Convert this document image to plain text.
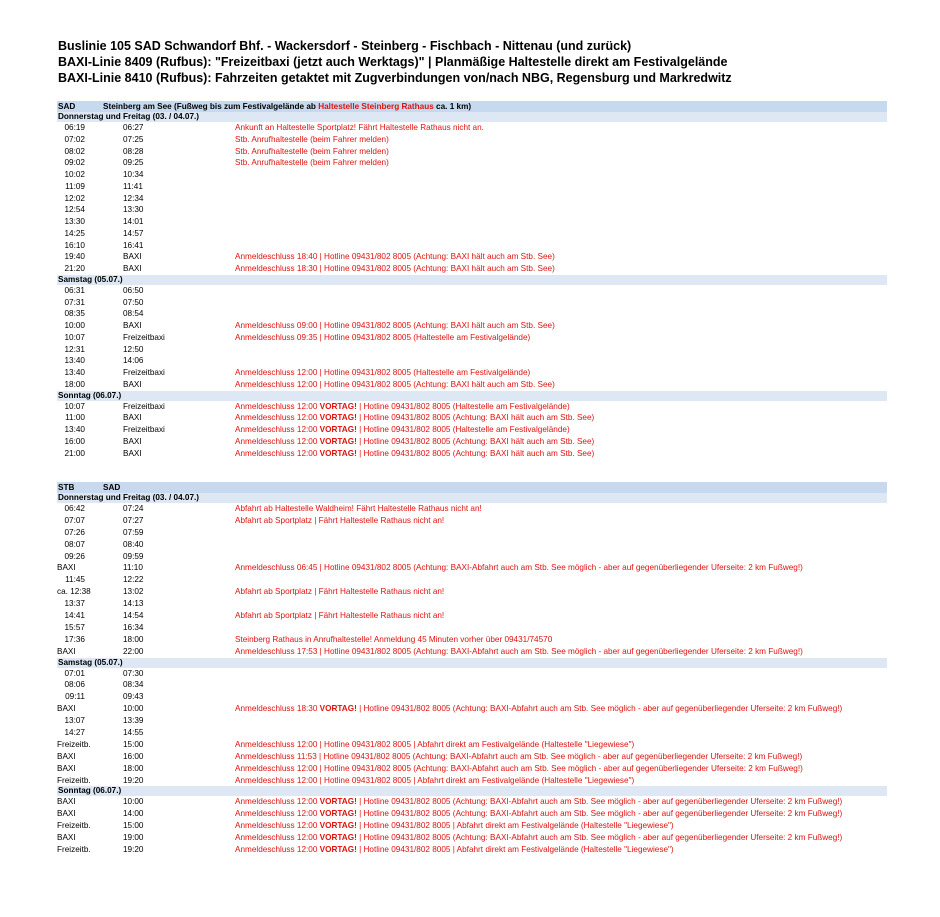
Buslinie 105 SAD Schwandorf Bhf. - Wackersdorf - Steinberg - Fischbach - Nittenau (und zurück)
BAXI-Linie 8409 (Rufbus): "Freizeitbaxi (jetzt auch Werktags)" | Planmäßige Haltestelle direkt am Festivalgelände
BAXI-Linie 8410 (Rufbus): Fahrzeiten getaktet mit Zugverbindungen von/nach NBG, Regensburg und Markredwitz
SAD	Steinberg am See (Fußweg bis zum Festivalgelände ab Haltestelle Steinberg Rathaus ca. 1 km)
Donnerstag und Freitag (03. / 04.07.)
06:19	06:27	Ankunft an Haltestelle Sportplatz! Fährt Haltestelle Rathaus nicht an.
07:02	07:25	Stb. Anrufhaltestelle (beim Fahrer melden)
08:02	08:28	Stb. Anrufhaltestelle (beim Fahrer melden)
09:02	09:25	Stb. Anrufhaltestelle (beim Fahrer melden)
10:02	10:34
11:09	11:41
12:02	12:34
12:54	13:30
13:30	14:01
14:25	14:57
16:10	16:41
19:40	BAXI	Anmeldeschluss 18:40 | Hotline 09431/802 8005 (Achtung: BAXI hält auch am Stb. See)
21:20	BAXI	Anmeldeschluss 18:30 | Hotline 09431/802 8005 (Achtung: BAXI hält auch am Stb. See)
Samstag (05.07.)
06:31	06:50
07:31	07:50
08:35	08:54
10:00	BAXI	Anmeldeschluss 09:00 | Hotline 09431/802 8005 (Achtung: BAXI hält auch am Stb. See)
10:07	Freizeitbaxi	Anmeldeschluss 09:35 | Hotline 09431/802 8005 (Haltestelle am Festivalgelände)
12:31	12:50
13:40	14:06
13:40	Freizeitbaxi	Anmeldeschluss 12:00 | Hotline 09431/802 8005 (Haltestelle am Festivalgelände)
18:00	BAXI	Anmeldeschluss 12:00 | Hotline 09431/802 8005 (Achtung: BAXI hält auch am Stb. See)
Sonntag (06.07.)
10:07	Freizeitbaxi	Anmeldeschluss 12:00 VORTAG! | Hotline 09431/802 8005 (Haltestelle am Festivalgelände)
11:00	BAXI	Anmeldeschluss 12:00 VORTAG! | Hotline 09431/802 8005 (Achtung: BAXI hält auch am Stb. See)
13:40	Freizeitbaxi	Anmeldeschluss 12:00 VORTAG! | Hotline 09431/802 8005 (Haltestelle am Festivalgelände)
16:00	BAXI	Anmeldeschluss 12:00 VORTAG! | Hotline 09431/802 8005 (Achtung: BAXI hält auch am Stb. See)
21:00	BAXI	Anmeldeschluss 12:00 VORTAG! | Hotline 09431/802 8005 (Achtung: BAXI hält auch am Stb. See)
STB	SAD
Donnerstag und Freitag (03. / 04.07.)
06:42	07:24	Abfahrt ab Haltestelle Waldheim! Fährt Haltestelle Rathaus nicht an!
07:07	07:27	Abfahrt ab Sportplatz | Fährt Haltestelle Rathaus nicht an!
07:26	07:59
08:07	08:40
09:26	09:59
BAXI	11:10	Anmeldeschluss 06:45 | Hotline 09431/802 8005 (Achtung: BAXI-Abfahrt auch am Stb. See möglich - aber auf gegenüberliegender Uferseite: 2 km Fußweg!)
11:45	12:22
ca. 12:38	13:02	Abfahrt ab Sportplatz | Fährt Haltestelle Rathaus nicht an!
13:37	14:13
14:41	14:54	Abfahrt ab Sportplatz | Fährt Haltestelle Rathaus nicht an!
15:57	16:34
17:36	18:00	Steinberg Rathaus in Anrufhaltestelle! Anmeldung 45 Minuten vorher über 09431/74570
BAXI	22:00	Anmeldeschluss 17:53 | Hotline 09431/802 8005 (Achtung: BAXI-Abfahrt auch am Stb. See möglich - aber auf gegenüberliegender Uferseite: 2 km Fußweg!)
Samstag (05.07.)
07:01	07:30
08:06	08:34
09:11	09:43
BAXI	10:00	Anmeldeschluss 18:30 VORTAG! | Hotline 09431/802 8005 (Achtung: BAXI-Abfahrt auch am Stb. See möglich - aber auf gegenüberliegender Uferseite: 2 km Fußweg!)
13:07	13:39
14:27	14:55
Freizeitb.	15:00	Anmeldeschluss 12:00 | Hotline 09431/802 8005 | Abfahrt direkt am Festivalgelände (Haltestelle "Liegewiese")
BAXI	16:00	Anmeldeschluss 11:53 | Hotline 09431/802 8005 (Achtung: BAXI-Abfahrt auch am Stb. See möglich - aber auf gegenüberliegender Uferseite: 2 km Fußweg!)
BAXI	18:00	Anmeldeschluss 12:00 | Hotline 09431/802 8005 (Achtung: BAXI-Abfahrt auch am Stb. See möglich - aber auf gegenüberliegender Uferseite: 2 km Fußweg!)
Freizeitb.	19:20	Anmeldeschluss 12:00 | Hotline 09431/802 8005 | Abfahrt direkt am Festivalgelände (Haltestelle "Liegewiese")
Sonntag (06.07.)
BAXI	10:00	Anmeldeschluss 12:00 VORTAG! | Hotline 09431/802 8005 (Achtung: BAXI-Abfahrt auch am Stb. See möglich - aber auf gegenüberliegender Uferseite: 2 km Fußweg!)
BAXI	14:00	Anmeldeschluss 12:00 VORTAG! | Hotline 09431/802 8005 (Achtung: BAXI-Abfahrt auch am Stb. See möglich - aber auf gegenüberliegender Uferseite: 2 km Fußweg!)
Freizeitb.	15:00	Anmeldeschluss 12:00 VORTAG! | Hotline 09431/802 8005 | Abfahrt direkt am Festivalgelände (Haltestelle "Liegewiese")
BAXI	19:00	Anmeldeschluss 12:00 VORTAG! | Hotline 09431/802 8005 (Achtung: BAXI-Abfahrt auch am Stb. See möglich - aber auf gegenüberliegender Uferseite: 2 km Fußweg!)
Freizeitb.	19:20	Anmeldeschluss 12:00 VORTAG! | Hotline 09431/802 8005 | Abfahrt direkt am Festivalgelände (Haltestelle "Liegewiese")
